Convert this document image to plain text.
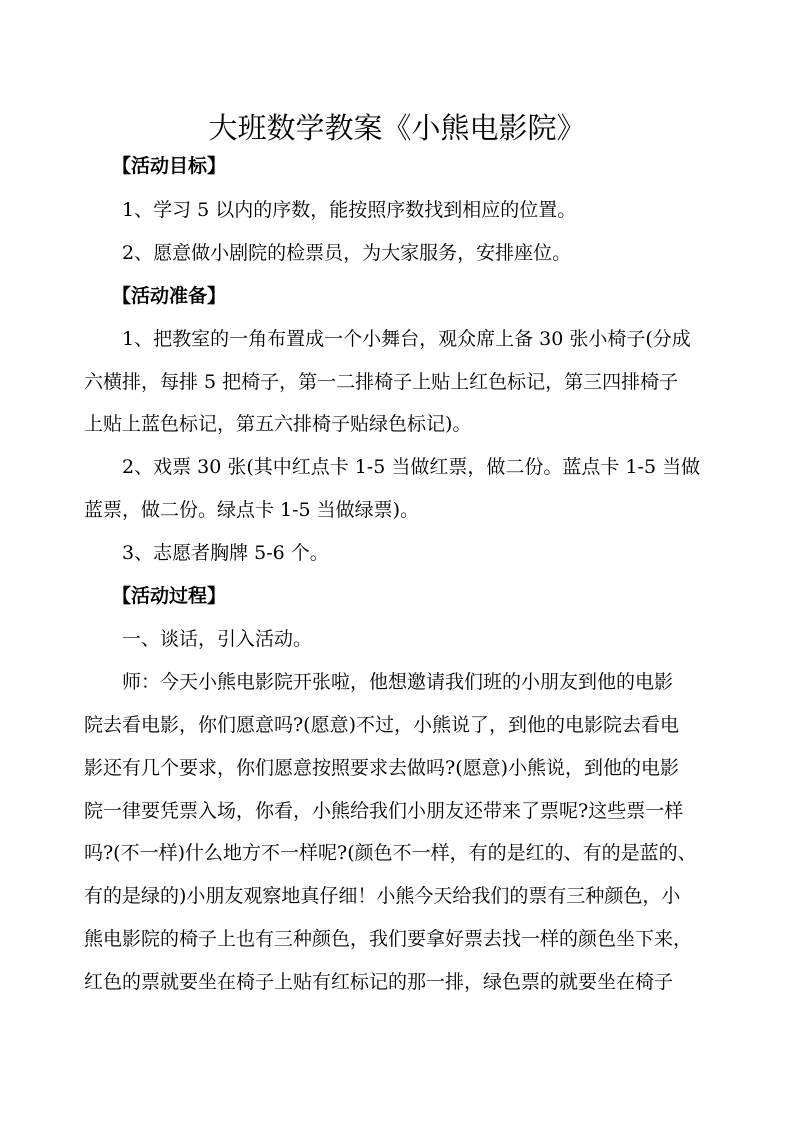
大班数学教案《小熊电影院》
【活动目标】
1、学习 5 以内的序数，能按照序数找到相应的位置。
2、愿意做小剧院的检票员，为大家服务，安排座位。
【活动准备】
1、把教室的一角布置成一个小舞台，观众席上备 30 张小椅子(分成
六横排，每排 5 把椅子，第一二排椅子上贴上红色标记，第三四排椅子
上贴上蓝色标记，第五六排椅子贴绿色标记)。
2、戏票 30 张(其中红点卡 1-5 当做红票，做二份。蓝点卡 1-5 当做
蓝票，做二份。绿点卡 1-5 当做绿票)。
3、志愿者胸牌 5-6 个。
【活动过程】
一、谈话，引入活动。
师：今天小熊电影院开张啦，他想邀请我们班的小朋友到他的电影
院去看电影，你们愿意吗?(愿意)不过，小熊说了，到他的电影院去看电
影还有几个要求，你们愿意按照要求去做吗?(愿意)小熊说，到他的电影
院一律要凭票入场，你看，小熊给我们小朋友还带来了票呢?这些票一样
吗?(不一样)什么地方不一样呢?(颜色不一样，有的是红的、有的是蓝的、
有的是绿的)小朋友观察地真仔细！小熊今天给我们的票有三种颜色，小
熊电影院的椅子上也有三种颜色，我们要拿好票去找一样的颜色坐下来，
红色的票就要坐在椅子上贴有红标记的那一排，绿色票的就要坐在椅子
